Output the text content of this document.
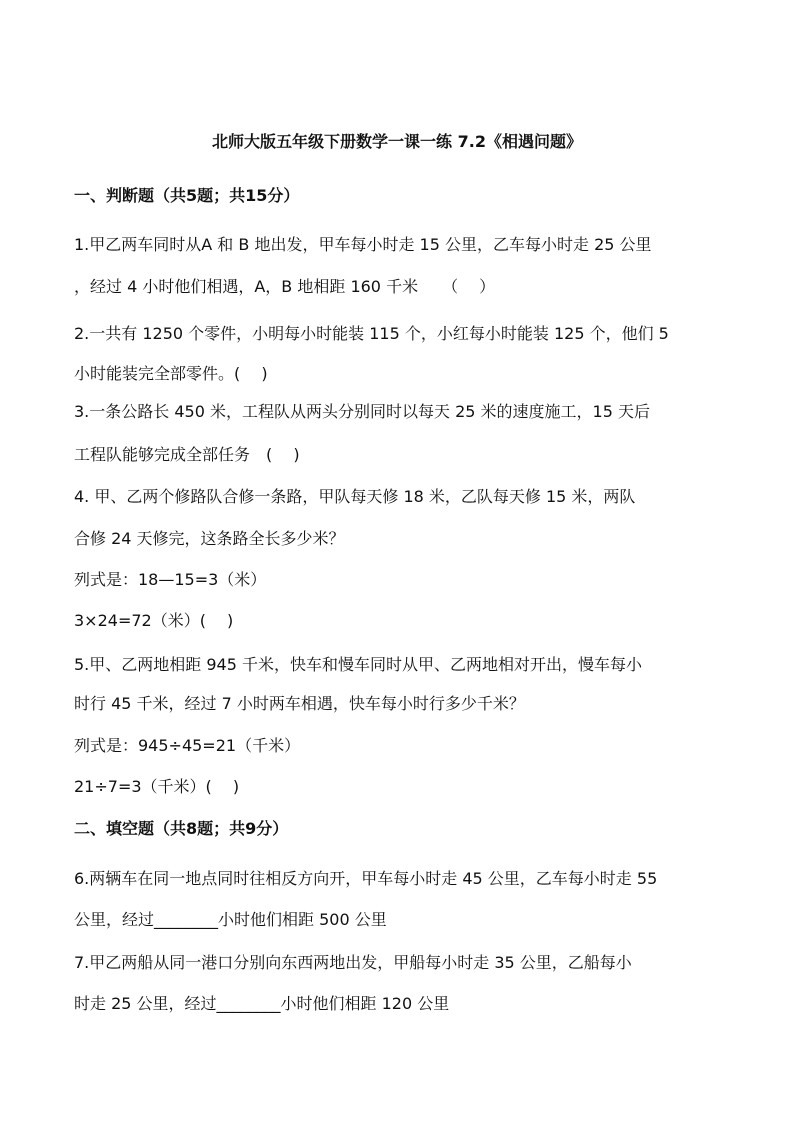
北师大版五年级下册数学一课一练 7.2《相遇问题》
一、判断题（共5题；共15分）
1.甲乙两车同时从A 和 B 地出发，甲车每小时走 15 公里，乙车每小时走 25 公里
，经过 4 小时他们相遇，A，B 地相距 160 千米　　（　 ）
2.一共有 1250 个零件，小明每小时能装 115 个，小红每小时能装 125 个，他们 5
小时能装完全部零件。(　 )
3.一条公路长 450 米，工程队从两头分别同时以每天 25 米的速度施工，15 天后
工程队能够完成全部任务　(　 )
4. 甲、乙两个修路队合修一条路，甲队每天修 18 米，乙队每天修 15 米，两队
合修 24 天修完，这条路全长多少米？
列式是：18—15=3（米）
3×24=72（米）(　 )
5.甲、乙两地相距 945 千米，快车和慢车同时从甲、乙两地相对开出，慢车每小
时行 45 千米，经过 7 小时两车相遇，快车每小时行多少千米？
列式是：945÷45=21（千米）
21÷7=3（千米）(　 )
二、填空题（共8题；共9分）
6.两辆车在同一地点同时往相反方向开，甲车每小时走 45 公里，乙车每小时走 55
公里，经过________小时他们相距 500 公里
7.甲乙两船从同一港口分别向东西两地出发，甲船每小时走 35 公里，乙船每小
时走 25 公里，经过________小时他们相距 120 公里
